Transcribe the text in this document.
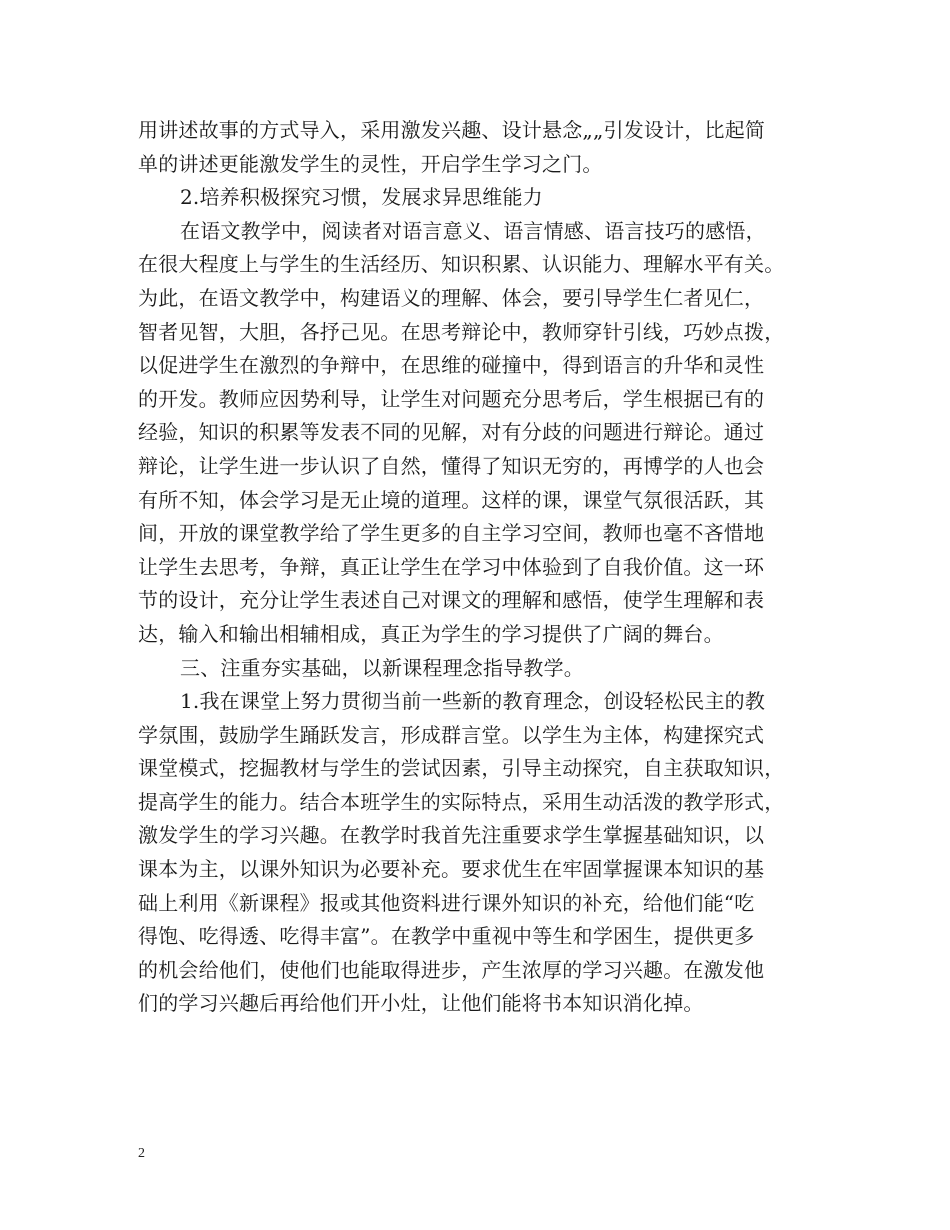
用讲述故事的方式导入，采用激发兴趣、设计悬念„„引发设计，比起简
单的讲述更能激发学生的灵性，开启学生学习之门。
2.培养积极探究习惯，发展求异思维能力
在语文教学中，阅读者对语言意义、语言情感、语言技巧的感悟，
在很大程度上与学生的生活经历、知识积累、认识能力、理解水平有关。
为此，在语文教学中，构建语义的理解、体会，要引导学生仁者见仁，
智者见智，大胆，各抒己见。在思考辩论中，教师穿针引线，巧妙点拨，
以促进学生在激烈的争辩中，在思维的碰撞中，得到语言的升华和灵性
的开发。教师应因势利导，让学生对问题充分思考后，学生根据已有的
经验，知识的积累等发表不同的见解，对有分歧的问题进行辩论。通过
辩论，让学生进一步认识了自然，懂得了知识无穷的，再博学的人也会
有所不知，体会学习是无止境的道理。这样的课，课堂气氛很活跃，其
间，开放的课堂教学给了学生更多的自主学习空间，教师也毫不吝惜地
让学生去思考，争辩，真正让学生在学习中体验到了自我价值。这一环
节的设计，充分让学生表述自己对课文的理解和感悟，使学生理解和表
达，输入和输出相辅相成，真正为学生的学习提供了广阔的舞台。
三、注重夯实基础，以新课程理念指导教学。
1.我在课堂上努力贯彻当前一些新的教育理念，创设轻松民主的教
学氛围，鼓励学生踊跃发言，形成群言堂。以学生为主体，构建探究式
课堂模式，挖掘教材与学生的尝试因素，引导主动探究，自主获取知识，
提高学生的能力。结合本班学生的实际特点，采用生动活泼的教学形式，
激发学生的学习兴趣。在教学时我首先注重要求学生掌握基础知识，以
课本为主，以课外知识为必要补充。要求优生在牢固掌握课本知识的基
础上利用《新课程》报或其他资料进行课外知识的补充，给他们能“吃
得饱、吃得透、吃得丰富”。在教学中重视中等生和学困生，提供更多
的机会给他们，使他们也能取得进步，产生浓厚的学习兴趣。在激发他
们的学习兴趣后再给他们开小灶，让他们能将书本知识消化掉。
2
